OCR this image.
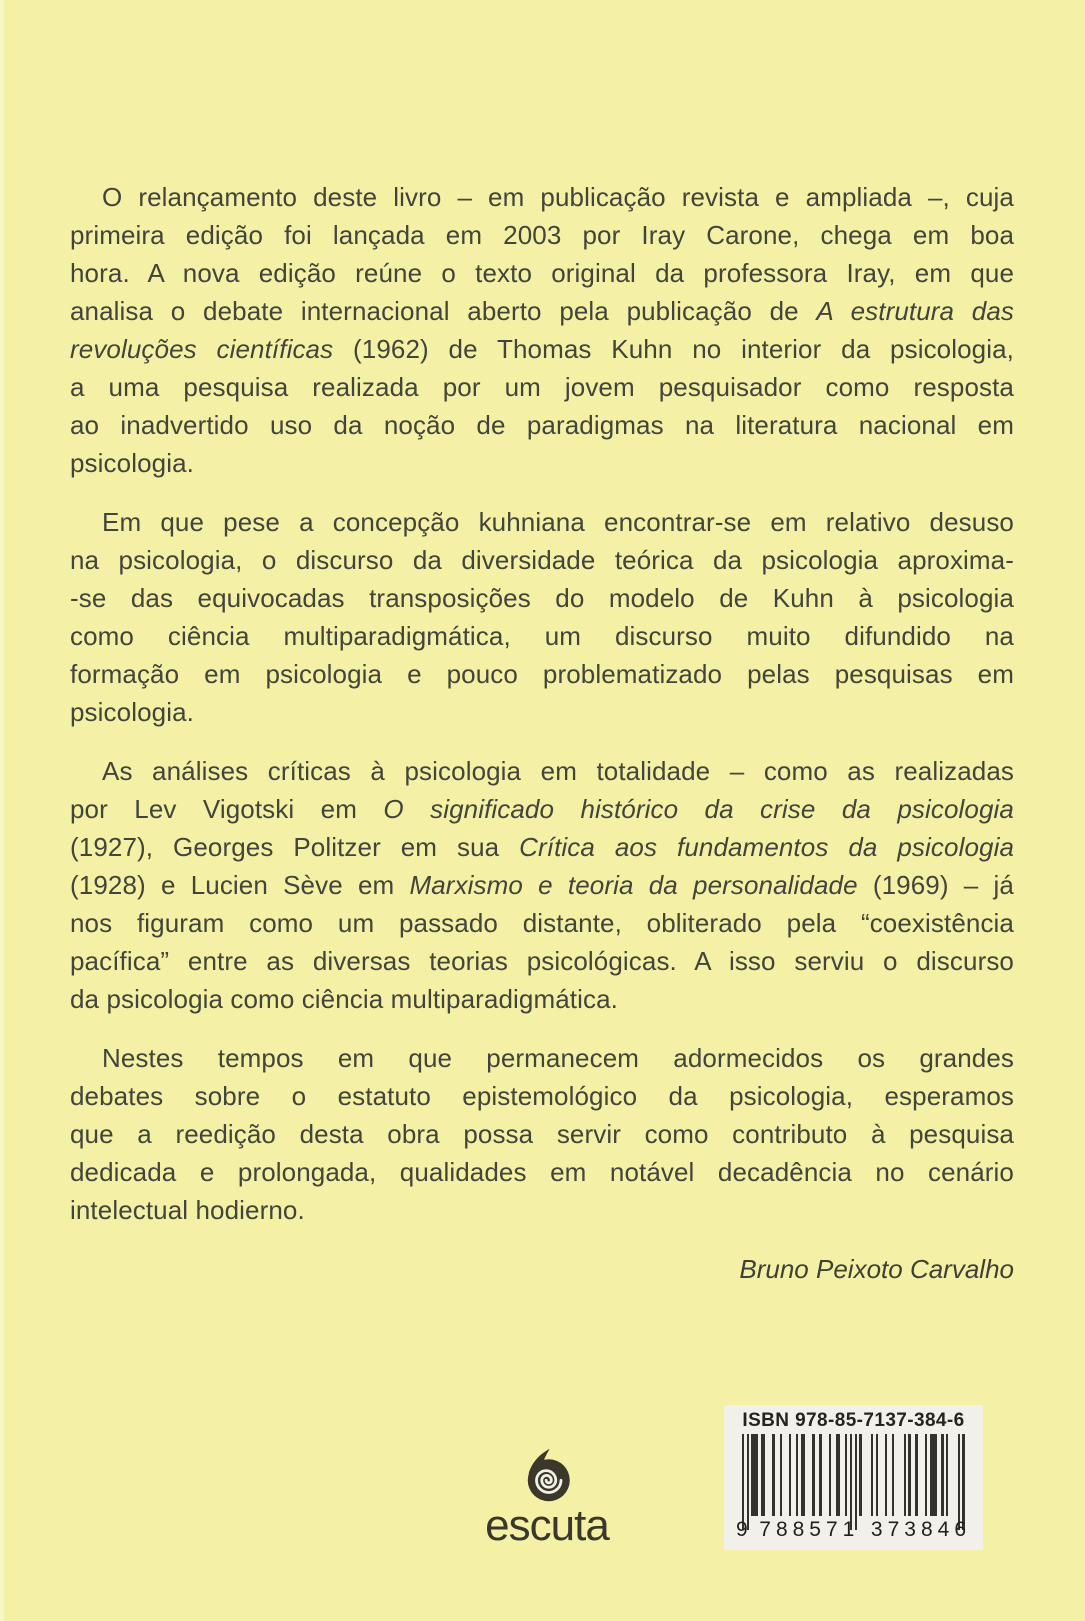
O relançamento deste livro – em publicação revista e ampliada –, cuja
primeira edição foi lançada em 2003 por Iray Carone, chega em boa
hora. A nova edição reúne o texto original da professora Iray, em que
analisa o debate internacional aberto pela publicação de A estrutura das
revoluções científicas (1962) de Thomas Kuhn no interior da psicologia,
a uma pesquisa realizada por um jovem pesquisador como resposta
ao inadvertido uso da noção de paradigmas na literatura nacional em
psicologia.
Em que pese a concepção kuhniana encontrar-se em relativo desuso
na psicologia, o discurso da diversidade teórica da psicologia aproxima-
-se das equivocadas transposições do modelo de Kuhn à psicologia
como ciência multiparadigmática, um discurso muito difundido na
formação em psicologia e pouco problematizado pelas pesquisas em
psicologia.
As análises críticas à psicologia em totalidade – como as realizadas
por Lev Vigotski em O significado histórico da crise da psicologia
(1927), Georges Politzer em sua Crítica aos fundamentos da psicologia
(1928) e Lucien Sève em Marxismo e teoria da personalidade (1969) – já
nos figuram como um passado distante, obliterado pela “coexistência
pacífica” entre as diversas teorias psicológicas. A isso serviu o discurso
da psicologia como ciência multiparadigmática.
Nestes tempos em que permanecem adormecidos os grandes
debates sobre o estatuto epistemológico da psicologia, esperamos
que a reedição desta obra possa servir como contributo à pesquisa
dedicada e prolongada, qualidades em notável decadência no cenário
intelectual hodierno.
Bruno Peixoto Carvalho
escuta
ISBN 978-85-7137-384-6
9 788571 373846
